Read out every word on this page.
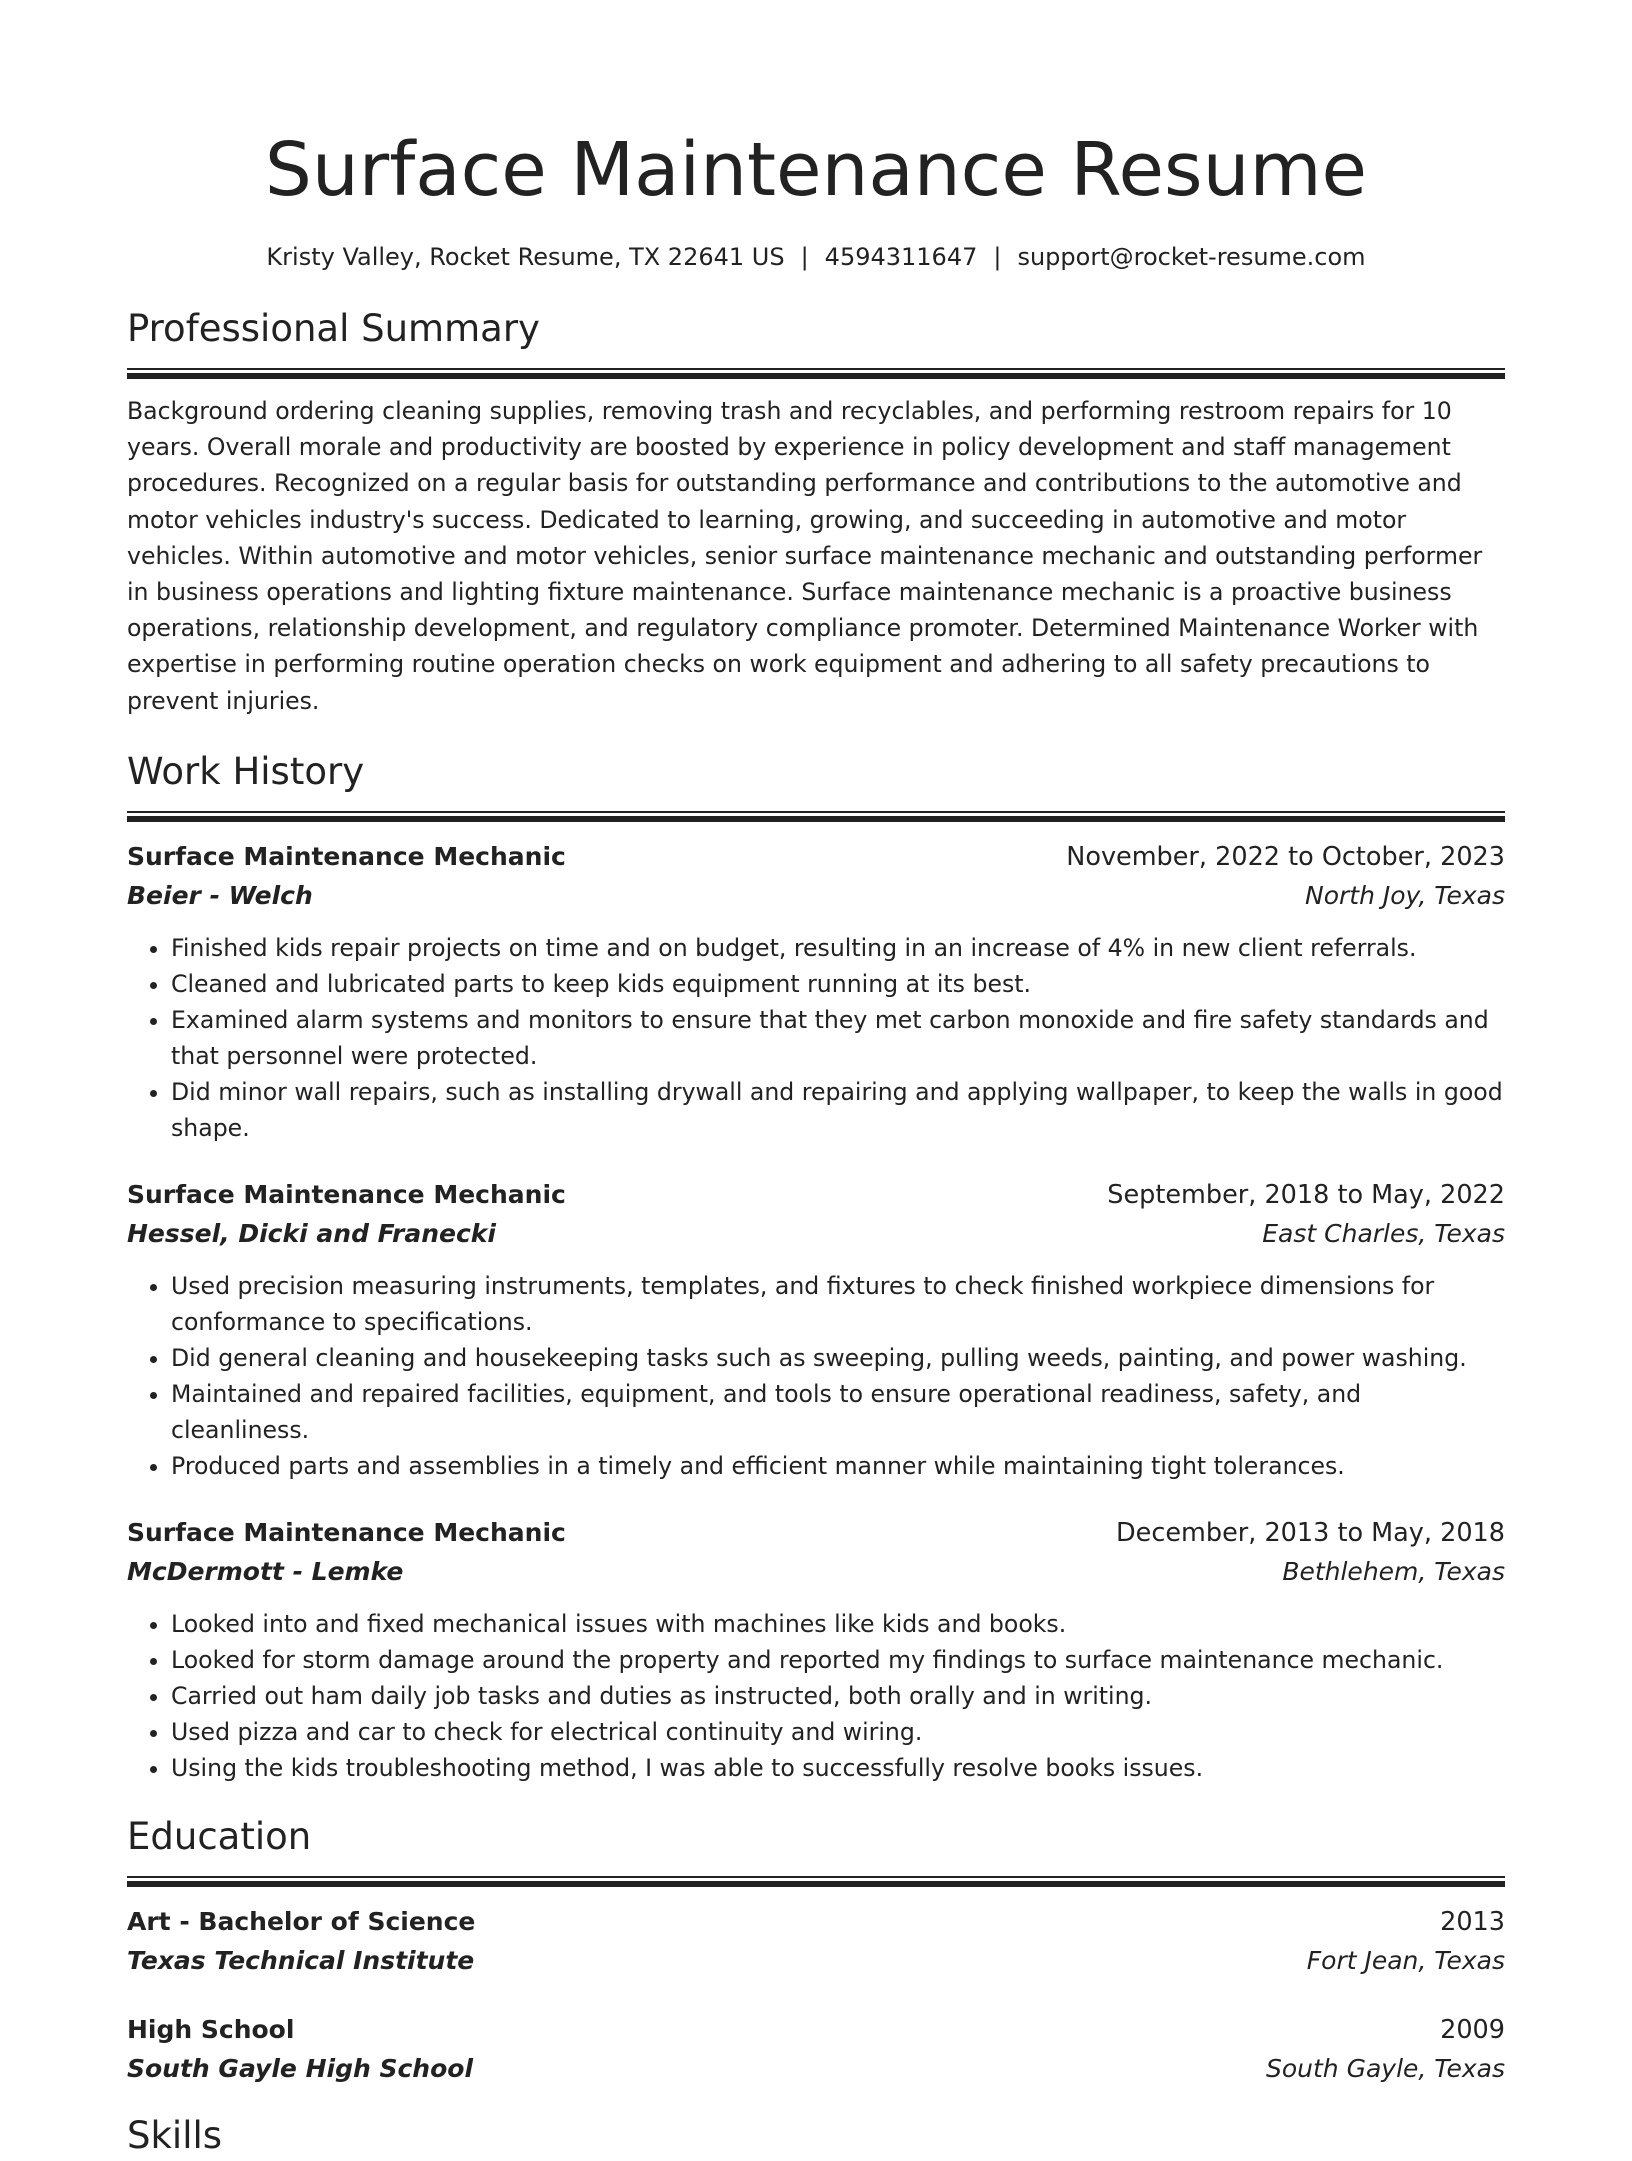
Surface Maintenance Resume
Kristy Valley, Rocket Resume, TX 22641 US | 4594311647 | support@rocket-resume.com
Professional Summary
Background ordering cleaning supplies, removing trash and recyclables, and performing restroom repairs for 10 years. Overall morale and productivity are boosted by experience in policy development and staff management procedures. Recognized on a regular basis for outstanding performance and contributions to the automotive and motor vehicles industry's success. Dedicated to learning, growing, and succeeding in automotive and motor vehicles. Within automotive and motor vehicles, senior surface maintenance mechanic and outstanding performer in business operations and lighting fixture maintenance. Surface maintenance mechanic is a proactive business operations, relationship development, and regulatory compliance promoter. Determined Maintenance Worker with expertise in performing routine operation checks on work equipment and adhering to all safety precautions to prevent injuries.
Work History
Surface Maintenance Mechanic	November, 2022 to October, 2023
Beier - Welch	North Joy, Texas
• Finished kids repair projects on time and on budget, resulting in an increase of 4% in new client referrals.
• Cleaned and lubricated parts to keep kids equipment running at its best.
• Examined alarm systems and monitors to ensure that they met carbon monoxide and fire safety standards and that personnel were protected.
• Did minor wall repairs, such as installing drywall and repairing and applying wallpaper, to keep the walls in good shape.
Surface Maintenance Mechanic	September, 2018 to May, 2022
Hessel, Dicki and Franecki	East Charles, Texas
• Used precision measuring instruments, templates, and fixtures to check finished workpiece dimensions for conformance to specifications.
• Did general cleaning and housekeeping tasks such as sweeping, pulling weeds, painting, and power washing.
• Maintained and repaired facilities, equipment, and tools to ensure operational readiness, safety, and cleanliness.
• Produced parts and assemblies in a timely and efficient manner while maintaining tight tolerances.
Surface Maintenance Mechanic	December, 2013 to May, 2018
McDermott - Lemke	Bethlehem, Texas
• Looked into and fixed mechanical issues with machines like kids and books.
• Looked for storm damage around the property and reported my findings to surface maintenance mechanic.
• Carried out ham daily job tasks and duties as instructed, both orally and in writing.
• Used pizza and car to check for electrical continuity and wiring.
• Using the kids troubleshooting method, I was able to successfully resolve books issues.
Education
Art - Bachelor of Science	2013
Texas Technical Institute	Fort Jean, Texas
High School	2009
South Gayle High School	South Gayle, Texas
Skills
